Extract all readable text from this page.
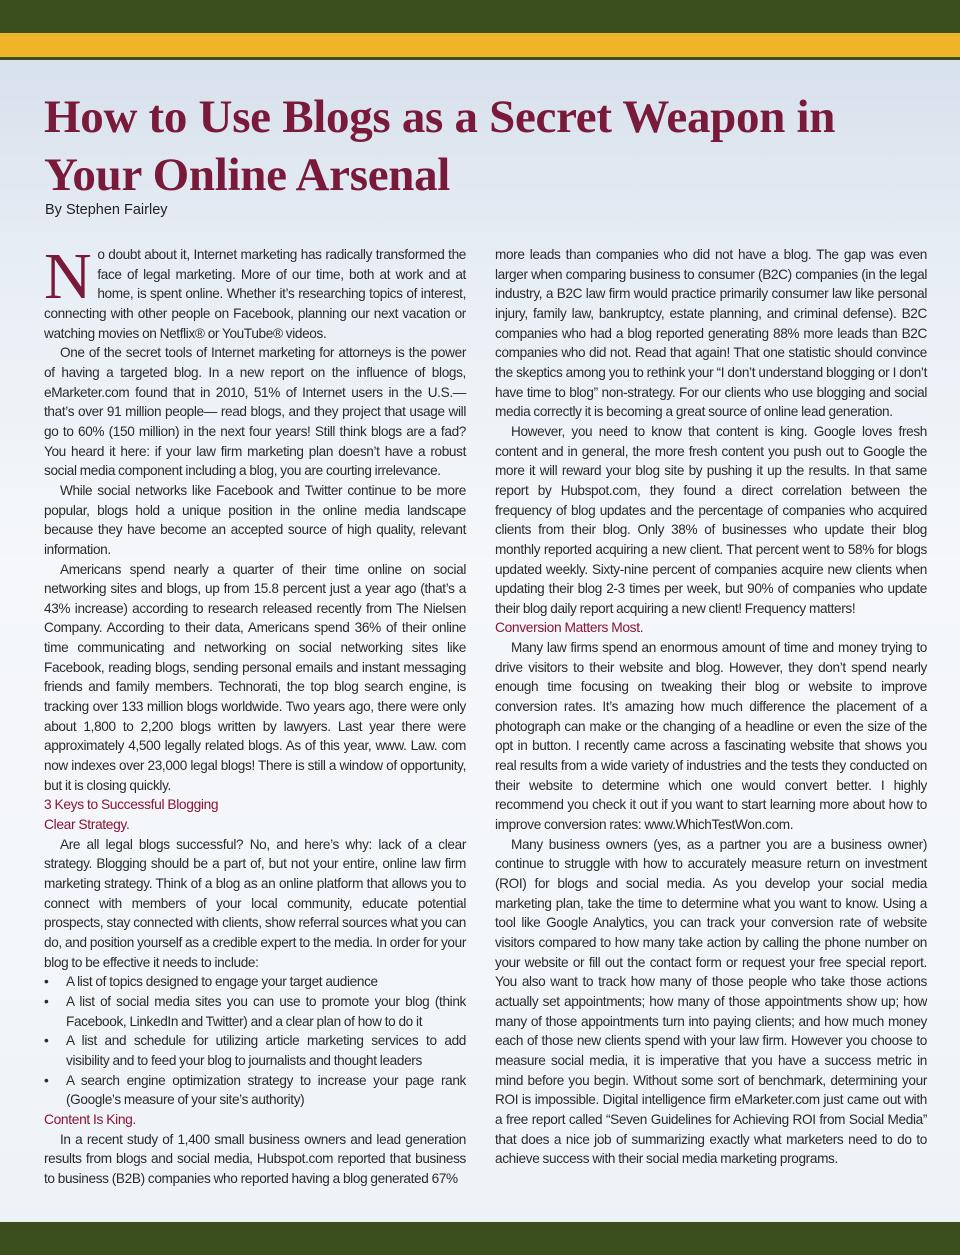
How to Use Blogs as a Secret Weapon in Your Online Arsenal

By Stephen Fairley

No doubt about it, Internet marketing has radically transformed the face of legal marketing. More of our time, both at work and at home, is spent online. Whether it’s researching topics of interest, connecting with other people on Facebook, planning our next vacation or watching movies on Netflix® or YouTube® videos.

One of the secret tools of Internet marketing for attorneys is the power of having a targeted blog. In a new report on the influence of blogs, eMarketer.com found that in 2010, 51% of Internet users in the U.S.— that’s over 91 million people— read blogs, and they project that usage will go to 60% (150 million) in the next four years! Still think blogs are a fad? You heard it here: if your law firm marketing plan doesn’t have a robust social media component including a blog, you are courting irrelevance.

While social networks like Facebook and Twitter continue to be more popular, blogs hold a unique position in the online media landscape because they have become an accepted source of high quality, relevant information.

Americans spend nearly a quarter of their time online on social networking sites and blogs, up from 15.8 percent just a year ago (that’s a 43% increase) according to research released recently from The Nielsen Company. According to their data, Americans spend 36% of their online time communicating and networking on social networking sites like Facebook, reading blogs, sending personal emails and instant messaging friends and family members. Technorati, the top blog search engine, is tracking over 133 million blogs worldwide. Two years ago, there were only about 1,800 to 2,200 blogs written by lawyers. Last year there were approximately 4,500 legally related blogs. As of this year, www. Law. com now indexes over 23,000 legal blogs! There is still a window of opportunity, but it is closing quickly.

3 Keys to Successful Blogging
Clear Strategy.

Are all legal blogs successful? No, and here’s why: lack of a clear strategy. Blogging should be a part of, but not your entire, online law firm marketing strategy. Think of a blog as an online platform that allows you to connect with members of your local community, educate potential prospects, stay connected with clients, show referral sources what you can do, and position yourself as a credible expert to the media. In order for your blog to be effective it needs to include:

• A list of topics designed to engage your target audience
• A list of social media sites you can use to promote your blog (think Facebook, LinkedIn and Twitter) and a clear plan of how to do it
• A list and schedule for utilizing article marketing services to add visibility and to feed your blog to journalists and thought leaders
• A search engine optimization strategy to increase your page rank (Google’s measure of your site’s authority)
Content Is King.

In a recent study of 1,400 small business owners and lead generation results from blogs and social media, Hubspot.com reported that business to business (B2B) companies who reported having a blog generated 67%

more leads than companies who did not have a blog. The gap was even larger when comparing business to consumer (B2C) companies (in the legal industry, a B2C law firm would practice primarily consumer law like personal injury, family law, bankruptcy, estate planning, and criminal defense). B2C companies who had a blog reported generating 88% more leads than B2C companies who did not. Read that again! That one statistic should convince the skeptics among you to rethink your “I don’t understand blogging or I don’t have time to blog” non-strategy. For our clients who use blogging and social media correctly it is becoming a great source of online lead generation.

However, you need to know that content is king. Google loves fresh content and in general, the more fresh content you push out to Google the more it will reward your blog site by pushing it up the results. In that same report by Hubspot.com, they found a direct correlation between the frequency of blog updates and the percentage of companies who acquired clients from their blog. Only 38% of businesses who update their blog monthly reported acquiring a new client. That percent went to 58% for blogs updated weekly. Sixty-nine percent of companies acquire new clients when updating their blog 2-3 times per week, but 90% of companies who update their blog daily report acquiring a new client! Frequency matters!

Conversion Matters Most.

Many law firms spend an enormous amount of time and money trying to drive visitors to their website and blog. However, they don’t spend nearly enough time focusing on tweaking their blog or website to improve conversion rates. It’s amazing how much difference the placement of a photograph can make or the changing of a headline or even the size of the opt in button. I recently came across a fascinating website that shows you real results from a wide variety of industries and the tests they conducted on their website to determine which one would convert better. I highly recommend you check it out if you want to start learning more about how to improve conversion rates: www.WhichTestWon.com.

Many business owners (yes, as a partner you are a business owner) continue to struggle with how to accurately measure return on investment (ROI) for blogs and social media. As you develop your social media marketing plan, take the time to determine what you want to know. Using a tool like Google Analytics, you can track your conversion rate of website visitors compared to how many take action by calling the phone number on your website or fill out the contact form or request your free special report. You also want to track how many of those people who take those actions actually set appointments; how many of those appointments show up; how many of those appointments turn into paying clients; and how much money each of those new clients spend with your law firm. However you choose to measure social media, it is imperative that you have a success metric in mind before you begin. Without some sort of benchmark, determining your ROI is impossible. Digital intelligence firm eMarketer.com just came out with a free report called “Seven Guidelines for Achieving ROI from Social Media” that does a nice job of summarizing exactly what marketers need to do to achieve success with their social media marketing programs.
